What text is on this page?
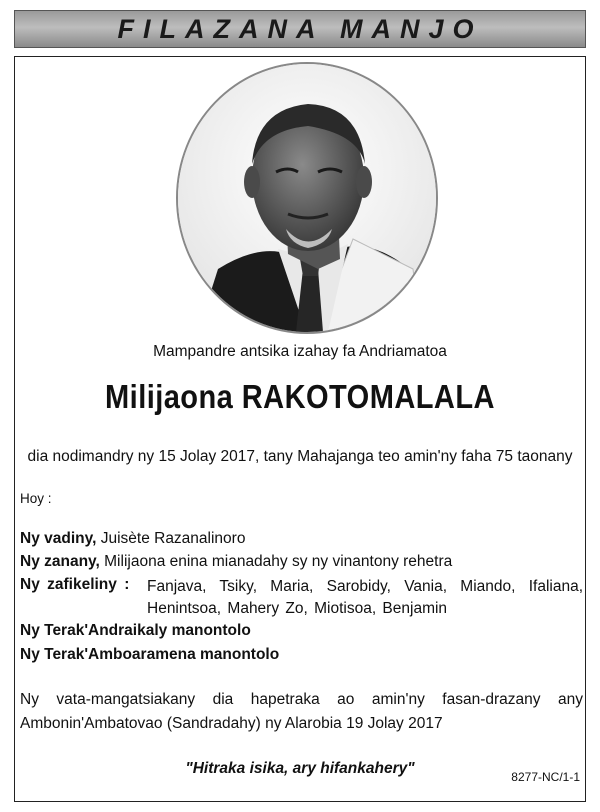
FILAZANA MANJO
Mampandre antsika izahay fa Andriamatoa
Milijaona RAKOTOMALALA
dia nodimandry ny 15 Jolay 2017, tany Mahajanga teo amin'ny faha 75 taonany
Hoy :
Ny vadiny, Juisète Razanalinoro
Ny zanany, Milijaona enina mianadahy sy ny vinantony rehetra
Ny zafikeliny : Fanjava, Tsiky, Maria, Sarobidy, Vania, Miando, Ifaliana, Henintsoa, Mahery Zo, Miotisoa, Benjamin
Ny Terak'Andraikaly manontolo
Ny Terak'Amboaramena manontolo
Ny vata-mangatsiakany dia hapetraka ao amin'ny fasan-drazany any Ambonin'Ambatovao (Sandradahy) ny Alarobia 19 Jolay 2017
"Hitraka isika, ary hifankahery"	8277-NC/1-1
